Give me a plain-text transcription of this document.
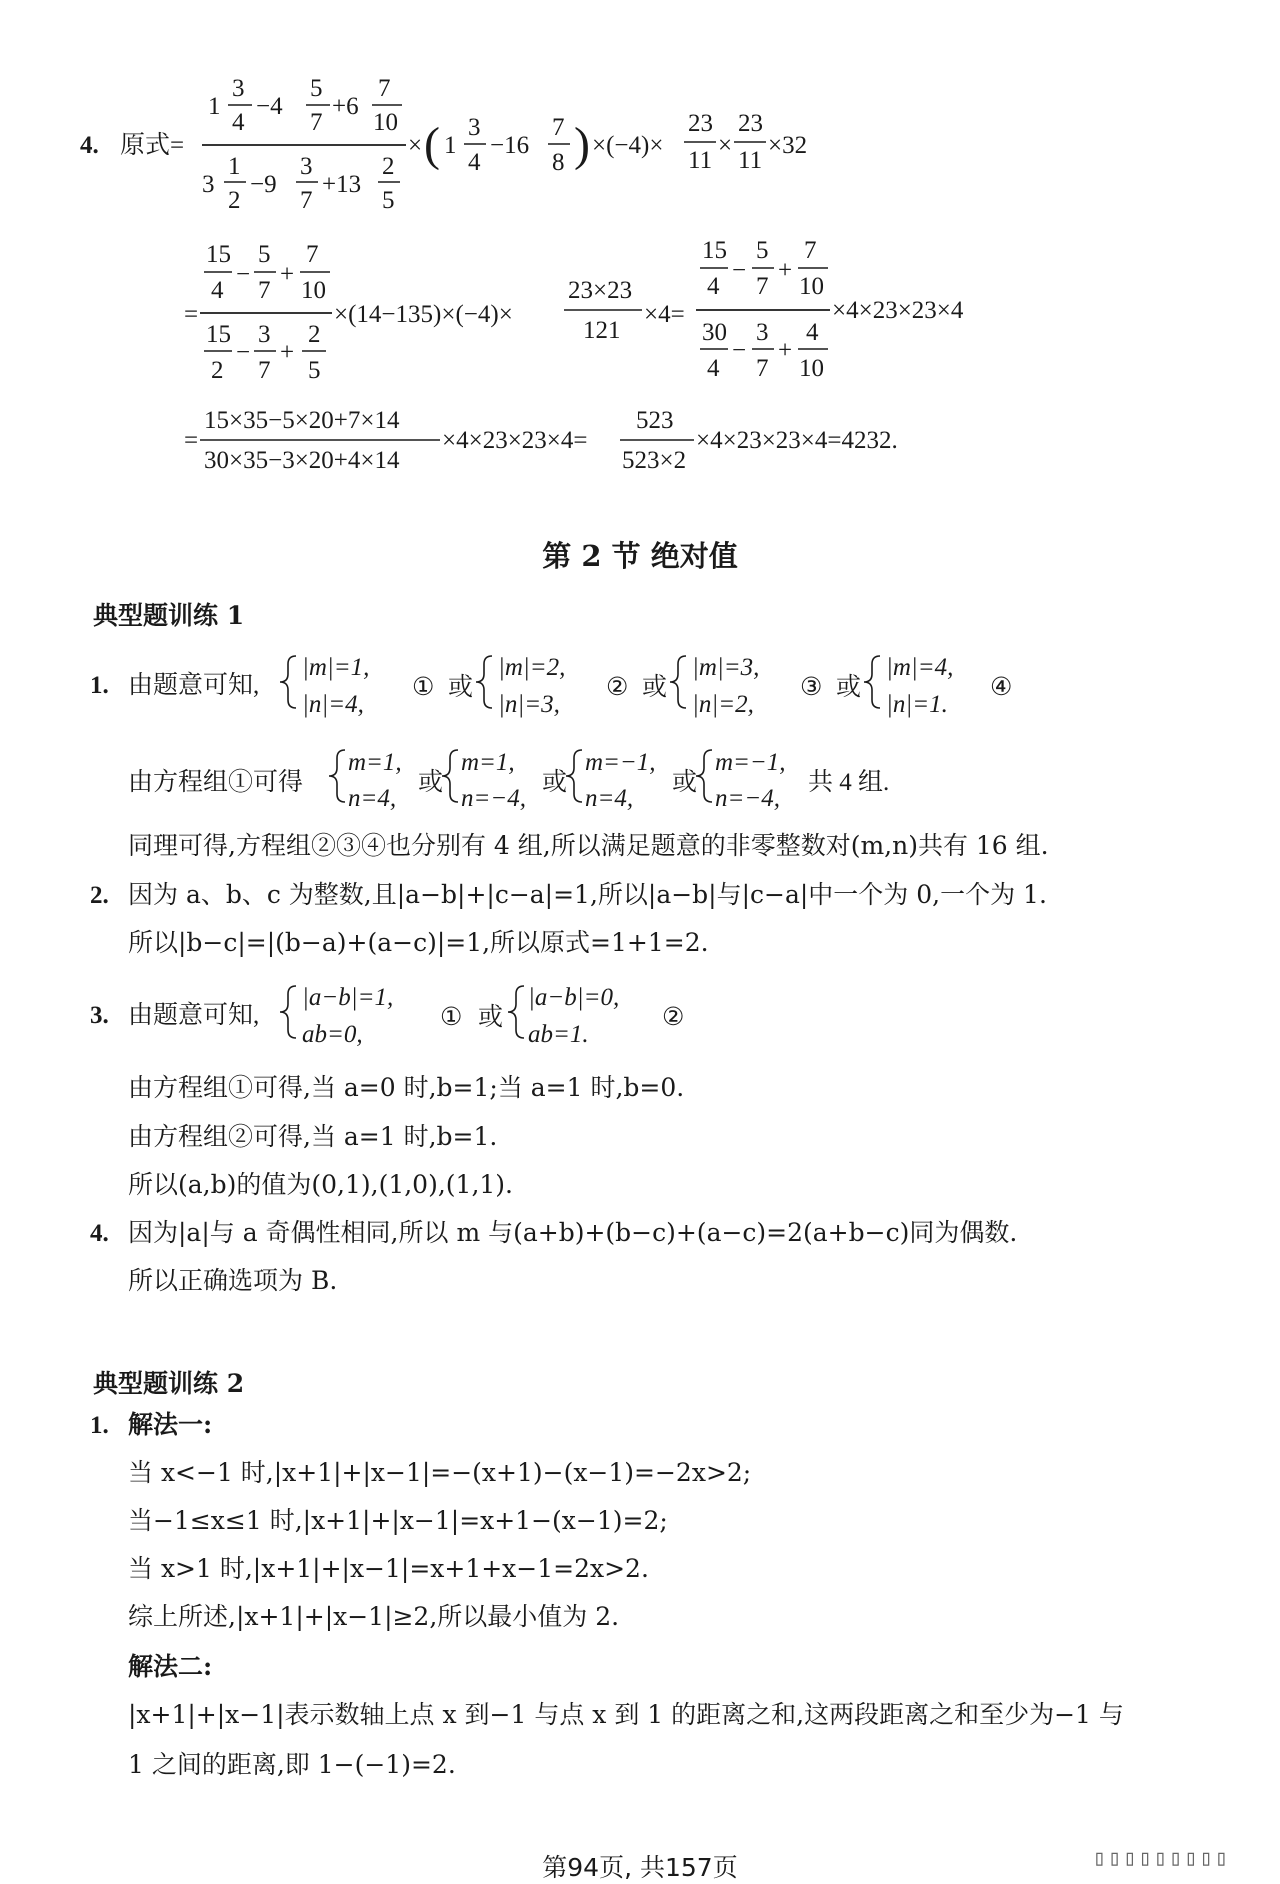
4. 原式=
1
3
4
−4
5
7
+6
7
10
3
1
2
−9
3
7
+13
2
5
× ( 1
3
4
−16
7
8 ) ×(−4)×
23
11
×
23
11
×32
=
15
4
−
5
7
+
7
10
15
2
−
3
7
+
2
5
×(14−135)×(−4)×
23×23
121
×4=
15
4
−
5
7
+
7
10
30
4
−
3
7
+
4
10
×4×23×23×4
=
15×35−5×20+7×14
30×35−3×20+4×14
×4×23×23×4=
523
523×2
×4×23×23×4=4232.
第 2 节 绝对值
典型题训练 1
1. 由题意可知,
|m|=1,
|n|=4,
① 或
|m|=2,
|n|=3,
② 或
|m|=3,
|n|=2,
③ 或
|m|=4,
|n|=1.
④
由方程组①可得
m=1,
n=4,
或
m=1,
n=−4,
或
m=−1,
n=4,
或
m=−1,
n=−4,
共 4 组.
同理可得,方程组②③④也分别有 4 组,所以满足题意的非零整数对(m,n)共有 16 组.
2. 因为 a、b、c 为整数,且|a−b|+|c−a|=1,所以|a−b|与|c−a|中一个为 0,一个为 1.
所以|b−c|=|(b−a)+(a−c)|=1,所以原式=1+1=2.
3. 由题意可知,
|a−b|=1,
ab=0,
① 或
|a−b|=0,
ab=1.
②
由方程组①可得,当 a=0 时,b=1;当 a=1 时,b=0.
由方程组②可得,当 a=1 时,b=1.
所以(a,b)的值为(0,1),(1,0),(1,1).
4. 因为|a|与 a 奇偶性相同,所以 m 与(a+b)+(b−c)+(a−c)=2(a+b−c)同为偶数.
所以正确选项为 B.
典型题训练 2
1. 解法一:
当 x<−1 时,|x+1|+|x−1|=−(x+1)−(x−1)=−2x>2;
当−1≤x≤1 时,|x+1|+|x−1|=x+1−(x−1)=2;
当 x>1 时,|x+1|+|x−1|=x+1+x−1=2x>2.
综上所述,|x+1|+|x−1|≥2,所以最小值为 2.
解法二:
|x+1|+|x−1|表示数轴上点 x 到−1 与点 x 到 1 的距离之和,这两段距离之和至少为−1 与
1 之间的距离,即 1−(−1)=2.
第94页, 共157页	▯▯▯▯▯▯▯▯▯
